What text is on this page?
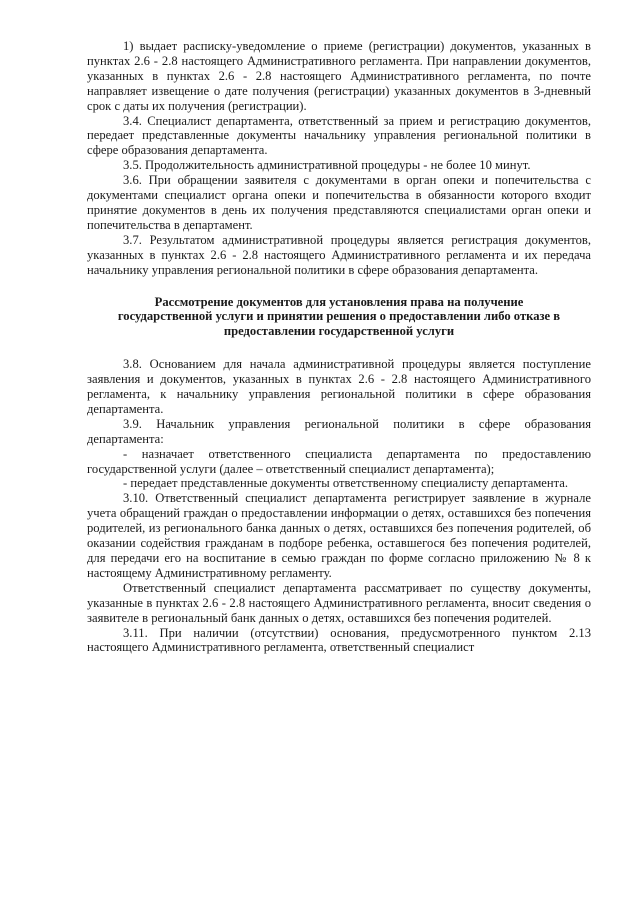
1) выдает расписку-уведомление о приеме (регистрации) документов, указанных в пунктах 2.6 - 2.8 настоящего Административного регламента. При направлении документов, указанных в пунктах 2.6 - 2.8 настоящего Административного регламента, по почте направляет извещение о дате получения (регистрации) указанных документов в 3-дневный срок с даты их получения (регистрации).

3.4. Специалист департамента, ответственный за прием и регистрацию документов, передает представленные документы начальнику управления региональной политики в сфере образования департамента.

3.5. Продолжительность административной процедуры - не более 10 минут.

3.6. При обращении заявителя с документами в орган опеки и попечительства с документами специалист органа опеки и попечительства в обязанности которого входит принятие документов в день их получения представляются специалистами орган опеки и попечительства в департамент.

3.7. Результатом административной процедуры является регистрация документов, указанных в пунктах 2.6 - 2.8 настоящего Административного регламента и их передача начальнику управления региональной политики в сфере образования департамента.

Рассмотрение документов для установления права на получение государственной услуги и принятии решения о предоставлении либо отказе в предоставлении государственной услуги

3.8. Основанием для начала административной процедуры является поступление заявления и документов, указанных в пунктах 2.6 - 2.8 настоящего Административного регламента, к начальнику управления региональной политики в сфере образования департамента.

3.9. Начальник управления региональной политики в сфере образования департамента:

- назначает ответственного специалиста департамента по предоставлению государственной услуги (далее – ответственный специалист департамента);

- передает представленные документы ответственному специалисту департамента.

3.10. Ответственный специалист департамента регистрирует заявление в журнале учета обращений граждан о предоставлении информации о детях, оставшихся без попечения родителей, из регионального банка данных о детях, оставшихся без попечения родителей, об оказании содействия гражданам в подборе ребенка, оставшегося без попечения родителей, для передачи его на воспитание в семью граждан по форме согласно приложению № 8 к настоящему Административному регламенту.

Ответственный специалист департамента рассматривает по существу документы, указанные в пунктах 2.6 - 2.8 настоящего Административного регламента, вносит сведения о заявителе в региональный банк данных о детях, оставшихся без попечения родителей.

3.11. При наличии (отсутствии) основания, предусмотренного пунктом 2.13 настоящего Административного регламента, ответственный специалист
